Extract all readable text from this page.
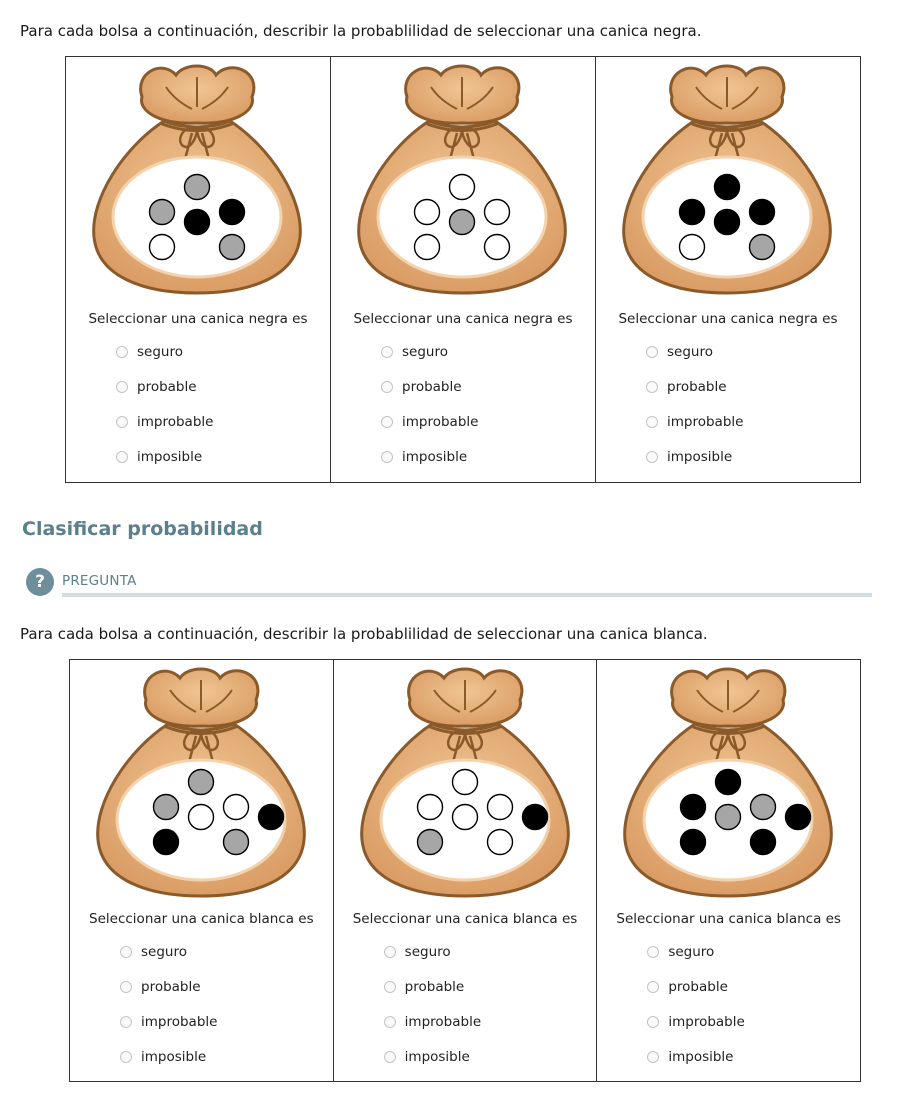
Para cada bolsa a continuación, describir la probablilidad de seleccionar una canica negra.
Seleccionar una canica negra es
seguro
probable
improbable
imposible
Seleccionar una canica negra es
seguro
probable
improbable
imposible
Seleccionar una canica negra es
seguro
probable
improbable
imposible
Clasificar probabilidad
?	PREGUNTA
Para cada bolsa a continuación, describir la probablilidad de seleccionar una canica blanca.
Seleccionar una canica blanca es
seguro
probable
improbable
imposible
Seleccionar una canica blanca es
seguro
probable
improbable
imposible
Seleccionar una canica blanca es
seguro
probable
improbable
imposible
